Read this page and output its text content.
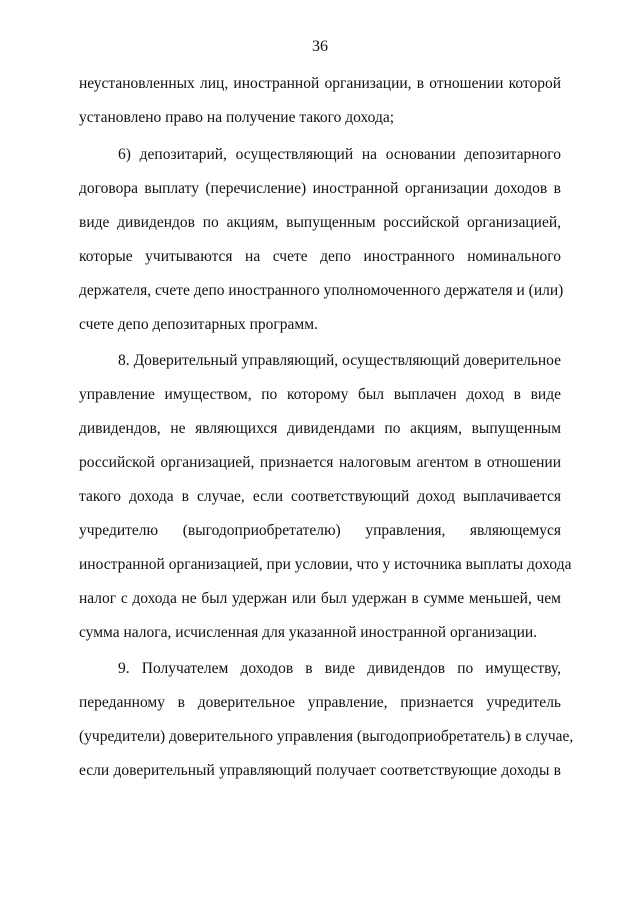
36
неустановленных лиц, иностранной организации, в отношении которой
установлено право на получение такого дохода;
6) депозитарий, осуществляющий на основании депозитарного
договора выплату (перечисление) иностранной организации доходов в
виде дивидендов по акциям, выпущенным российской организацией,
которые учитываются на счете депо иностранного номинального
держателя, счете депо иностранного уполномоченного держателя и (или)
счете депо депозитарных программ.
8. Доверительный управляющий, осуществляющий доверительное
управление имуществом, по которому был выплачен доход в виде
дивидендов, не являющихся дивидендами по акциям, выпущенным
российской организацией, признается налоговым агентом в отношении
такого дохода в случае, если соответствующий доход выплачивается
учредителю (выгодоприобретателю) управления, являющемуся
иностранной организацией, при условии, что у источника выплаты дохода
налог с дохода не был удержан или был удержан в сумме меньшей, чем
сумма налога, исчисленная для указанной иностранной организации.
9. Получателем доходов в виде дивидендов по имуществу,
переданному в доверительное управление, признается учредитель
(учредители) доверительного управления (выгодоприобретатель) в случае,
если доверительный управляющий получает соответствующие доходы в
